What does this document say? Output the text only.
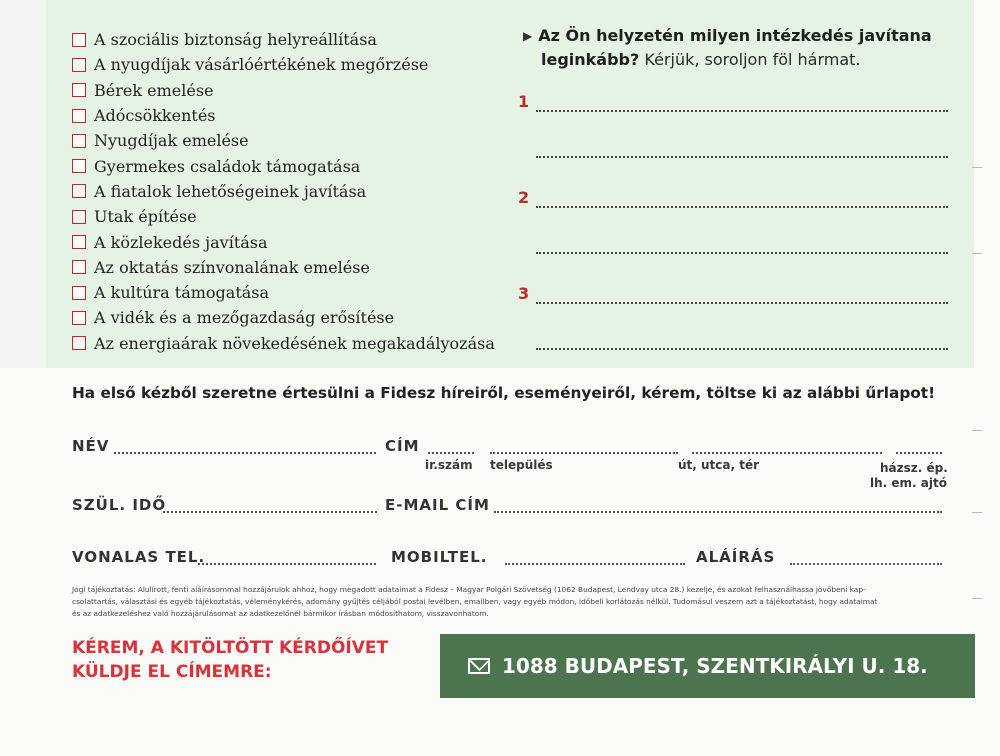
A szociális biztonság helyreállítása
A nyugdíjak vásárlóértékének megőrzése
Bérek emelése
Adócsökkentés
Nyugdíjak emelése
Gyermekes családok támogatása
A fiatalok lehetőségeinek javítása
Utak építése
A közlekedés javítása
Az oktatás színvonalának emelése
A kultúra támogatása
A vidék és a mezőgazdaság erősítése
Az energiaárak növekedésének megakadályozása
▶ Az Ön helyzetén milyen intézkedés javítana
leginkább? Kérjük, soroljon föl hármat.
1
2
3
Ha első kézből szeretne értesülni a Fidesz híreiről, eseményeiről, kérem, töltse ki az alábbi űrlapot!
NÉV	CÍM
ir.szám település	út, utca, tér	házsz. ép.
lh. em. ajtó
SZÜL. IDŐ	E-MAIL CÍM
VONALAS TEL.	MOBILTEL.	ALÁÍRÁS
Jogi tájékoztatás: Alulírott, fenti aláírásommal hozzájárulok ahhoz, hogy megadott adataimat a Fidesz – Magyar Polgári Szövetség (1062 Budapest, Lendvay utca 28.) kezelje, és azokat felhasználhassa jövőbeni kap-
csolattartás, választási és egyéb tájékoztatás, véleménykérés, adomány gyűjtés céljából postai levélben, emailben, vagy egyéb módon, időbeli korlátozás nélkül. Tudomásul veszem azt a tájékoztatást, hogy adataimat
és az adatkezeléshez való hozzájárulásomat az adatkezelőnél bármikor írásban módosíthatom, visszavonhatom.
KÉREM, A KITÖLTÖTT KÉRDŐÍVET
KÜLDJE EL CÍMEMRE:	1088 BUDAPEST, SZENTKIRÁLYI U. 18.
